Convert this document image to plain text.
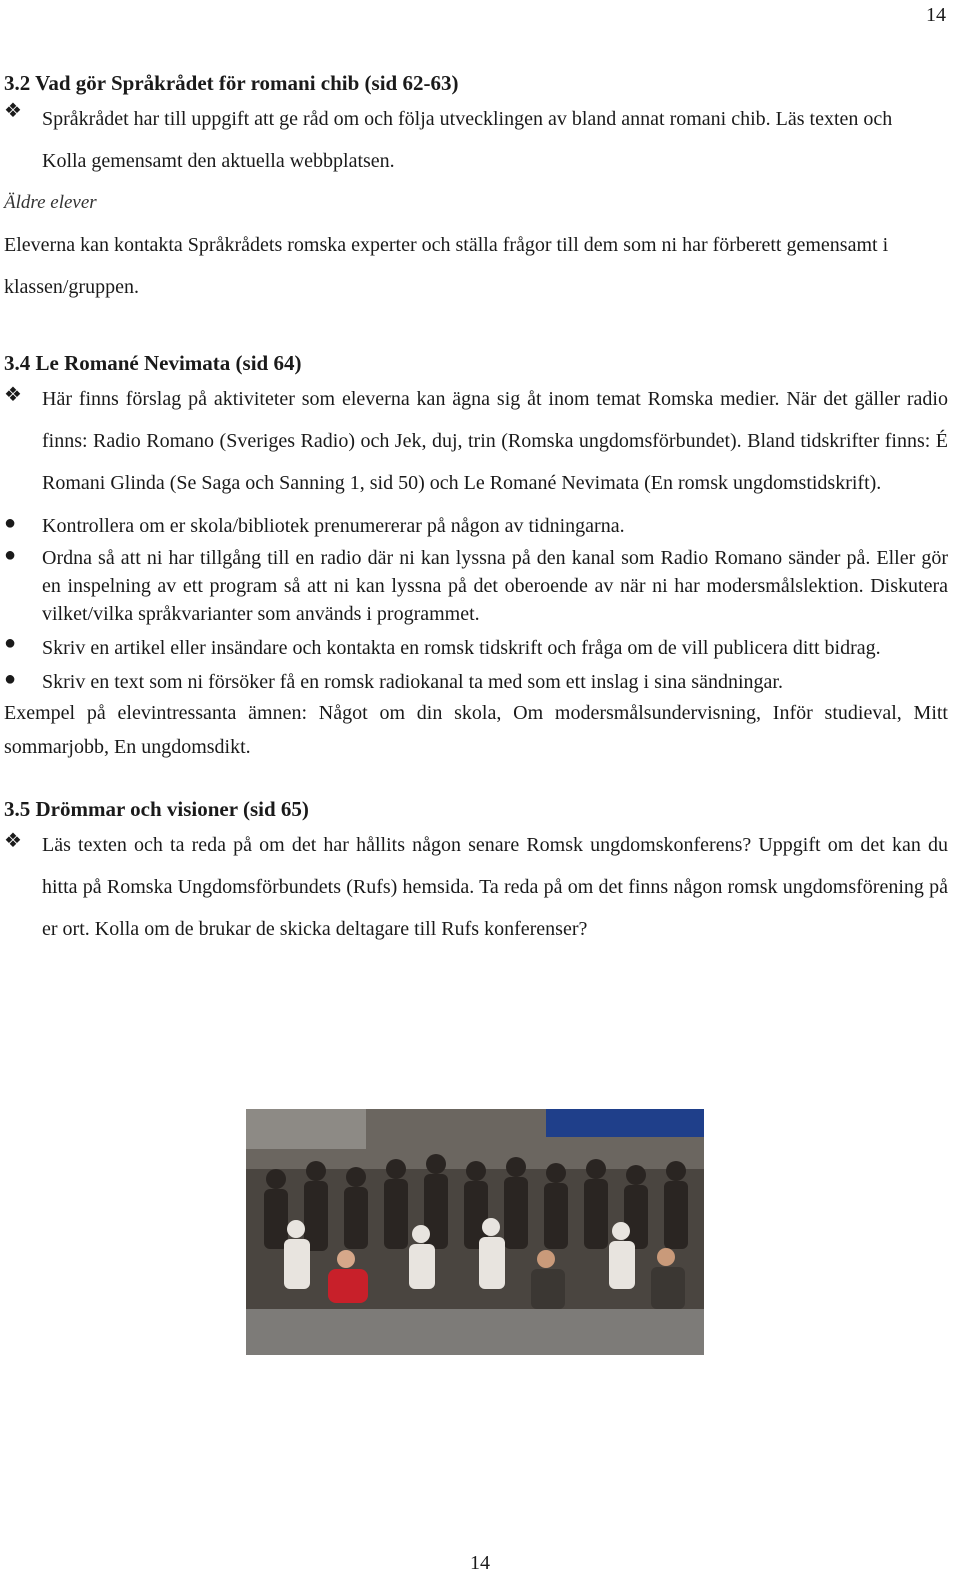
14
3.2 Vad gör Språkrådet för romani chib (sid 62-63)
❖	Språkrådet har till uppgift att ge råd om och följa utvecklingen av bland annat romani chib. Läs texten och Kolla gemensamt den aktuella webbplatsen.

Äldre elever

Eleverna kan kontakta Språkrådets romska experter och ställa frågor till dem som ni har förberett gemensamt i klassen/gruppen.

3.4 Le Romané Nevimata (sid 64)
❖	Här finns förslag på aktiviteter som eleverna kan ägna sig åt inom temat Romska medier. När det gäller radio finns: Radio Romano (Sveriges Radio) och Jek, duj, trin (Romska ungdomsförbundet). Bland tidskrifter finns: É Romani Glinda (Se Saga och Sanning 1, sid 50) och Le Romané Nevimata (En romsk ungdomstidskrift).

●	Kontrollera om er skola/bibliotek prenumererar på någon av tidningarna.

●	Ordna så att ni har tillgång till en radio där ni kan lyssna på den kanal som Radio Romano sänder på. Eller gör en inspelning av ett program så att ni kan lyssna på det oberoende av när ni har modersmålslektion. Diskutera vilket/vilka språkvarianter som används i programmet.

●	Skriv en artikel eller insändare och kontakta en romsk tidskrift och fråga om de vill publicera ditt bidrag.

●	Skriv en text som ni försöker få en romsk radiokanal ta med som ett inslag i sina sändningar.

Exempel på elevintressanta ämnen: Något om din skola, Om modersmålsundervisning, Inför studieval, Mitt sommarjobb, En ungdomsdikt.

3.5 Drömmar och visioner (sid 65)
❖	Läs texten och ta reda på om det har hållits någon senare Romsk ungdomskonferens? Uppgift om det kan du hitta på Romska Ungdomsförbundets (Rufs) hemsida. Ta reda på om det finns någon romsk ungdomsförening på er ort. Kolla om de brukar de skicka deltagare till Rufs konferenser?

14
